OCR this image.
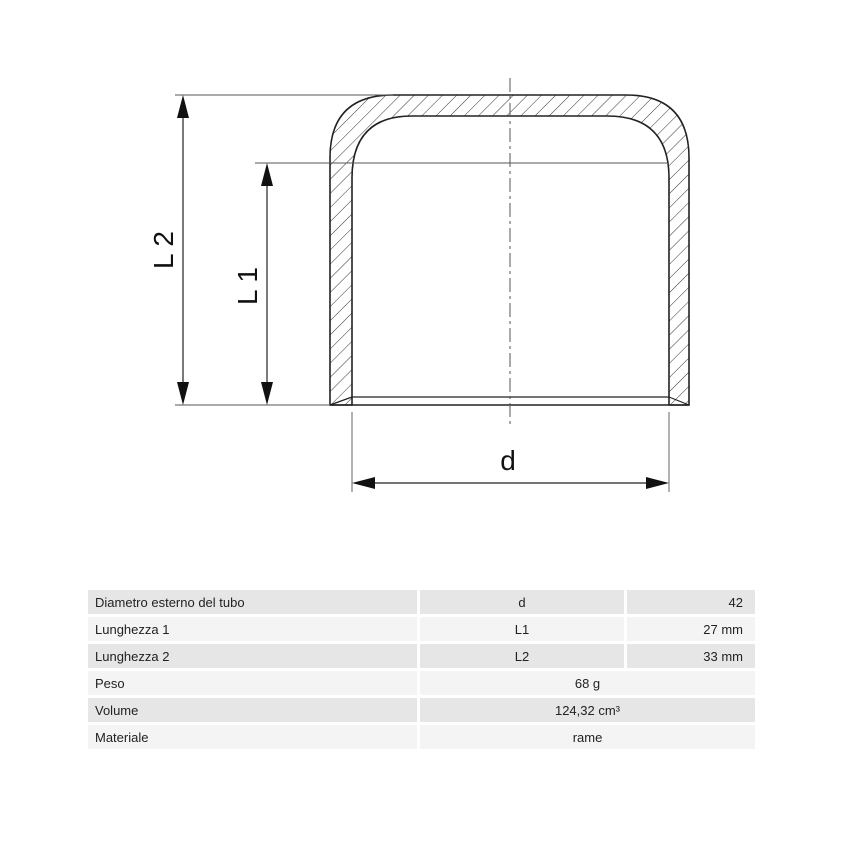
L 2
L 1
d
Diametro esterno del tubo	d	42
Lunghezza 1	L1	27 mm
Lunghezza 2	L2	33 mm
Peso	68 g	
Volume	124,32 cm³	
Materiale	rame	
